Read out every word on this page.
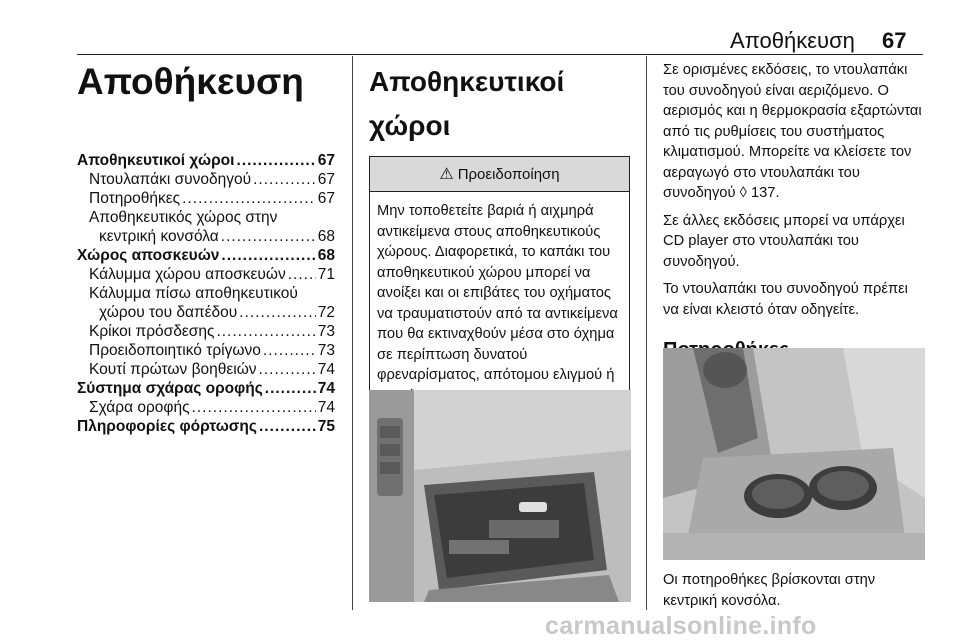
Αποθήκευση 67
Αποθήκευση
Αποθηκευτικοί χώροι .....	67
Ντουλαπάκι συνοδηγού .....	67
Ποτηροθήκες .....	67
Αποθηκευτικός χώρος στην
κεντρική κονσόλα .....	68
Χώρος αποσκευών .....	68
Κάλυμμα χώρου αποσκευών ..... 71
Κάλυμμα πίσω αποθηκευτικού
χώρου του δαπέδου .....	72
Κρίκοι πρόσδεσης .....	73
Προειδοποιητικό τρίγωνο .....	73
Κουτί πρώτων βοηθειών .....	74
Σύστημα σχάρας οροφής .....	74
Σχάρα οροφής .....	74
Πληροφορίες φόρτωσης .....	75
Αποθηκευτικοί χώροι
⚠ Προειδοποίηση
Μην τοποθετείτε βαριά ή αιχμηρά αντικείμενα στους αποθηκευτικούς χώρους. Διαφορετικά, το καπάκι του αποθηκευτικού χώρου μπορεί να ανοίξει και οι επιβάτες του οχήματος να τραυματιστούν από τα αντικείμενα που θα εκτιναχθούν μέσα στο όχημα σε περίπτωση δυνατού φρεναρίσματος, απότομου ελιγμού ή

Σε ορισμένες εκδόσεις, το ντουλαπάκι του συνοδηγού είναι αεριζόμενο. Ο αερισμός και η θερμοκρασία εξαρτώνται από τις ρυθμίσεις του συστήματος κλιματισμού. Μπορείτε να κλείσετε τον αεραγωγό στο ντουλαπάκι του συνοδηγού ◊ 137.

Σε άλλες εκδόσεις μπορεί να υπάρχει CD player στο ντουλαπάκι του συνοδηγού.

Το ντουλαπάκι του συνοδηγού πρέπει να είναι κλειστό όταν οδηγείτε.

Οι ποτηροθήκες βρίσκονται στην κεντρική κονσόλα.
carmanualsonline.info
